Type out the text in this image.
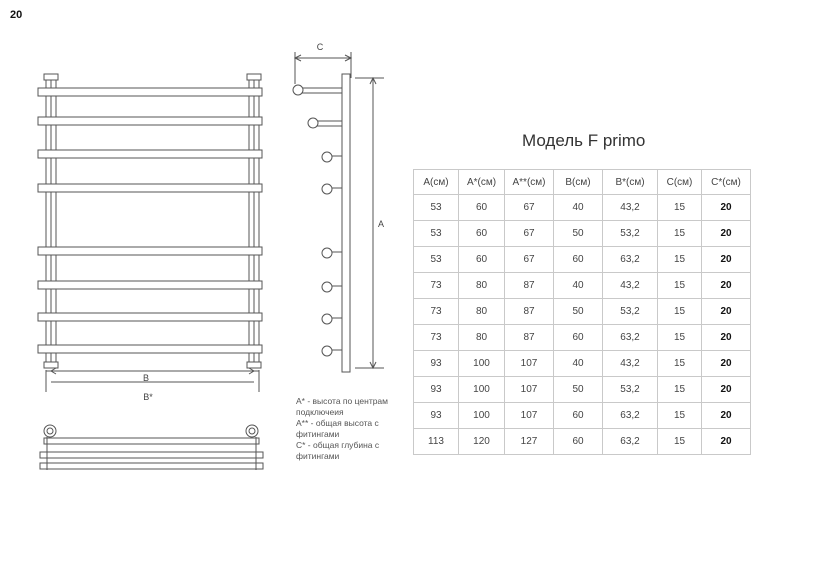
20
C
A
B
B*	A* - высота по центрам подключеия
A** - общая высота с фитингами
C* - общая глубина с фитингами
Модель F primo
A(см)	A*(см)	A**(см)	B(см)	B*(см)	C(см)	C*(см)
53	60	67	40	43,2	15	20
53	60	67	50	53,2	15	20
53	60	67	60	63,2	15	20
73	80	87	40	43,2	15	20
73	80	87	50	53,2	15	20
73	80	87	60	63,2	15	20
93	100	107	40	43,2	15	20
93	100	107	50	53,2	15	20
93	100	107	60	63,2	15	20
113	120	127	60	63,2	15	20
